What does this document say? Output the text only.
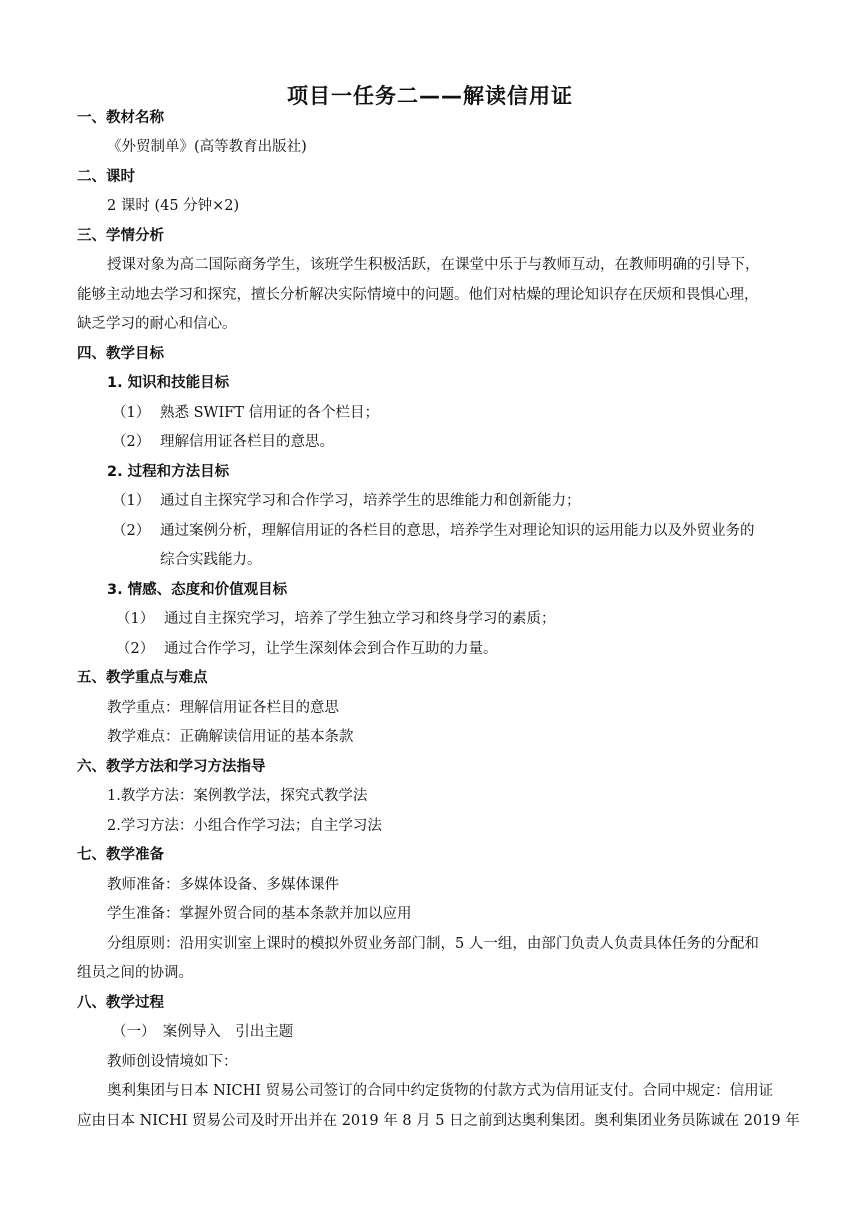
项目一任务二——解读信用证
一、教材名称
《外贸制单》(高等教育出版社)
二、课时
2 课时 (45 分钟×2)
三、学情分析
授课对象为高二国际商务学生，该班学生积极活跃，在课堂中乐于与教师互动，在教师明确的引导下，
能够主动地去学习和探究，擅长分析解决实际情境中的问题。他们对枯燥的理论知识存在厌烦和畏惧心理，
缺乏学习的耐心和信心。
四、教学目标
1. 知识和技能目标
（1） 熟悉 SWIFT 信用证的各个栏目；
（2） 理解信用证各栏目的意思。
2. 过程和方法目标
（1） 通过自主探究学习和合作学习，培养学生的思维能力和创新能力；
（2） 通过案例分析，理解信用证的各栏目的意思，培养学生对理论知识的运用能力以及外贸业务的
综合实践能力。
3. 情感、态度和价值观目标
（1） 通过自主探究学习，培养了学生独立学习和终身学习的素质；
（2） 通过合作学习，让学生深刻体会到合作互助的力量。
五、教学重点与难点
教学重点：理解信用证各栏目的意思
教学难点：正确解读信用证的基本条款
六、教学方法和学习方法指导
1.教学方法：案例教学法，探究式教学法
2.学习方法：小组合作学习法；自主学习法
七、教学准备
教师准备：多媒体设备、多媒体课件
学生准备：掌握外贸合同的基本条款并加以应用
分组原则：沿用实训室上课时的模拟外贸业务部门制，5 人一组，由部门负责人负责具体任务的分配和
组员之间的协调。
八、教学过程
（一）　案例导入　引出主题
教师创设情境如下：
奥利集团与日本 NICHI 贸易公司签订的合同中约定货物的付款方式为信用证支付。合同中规定：信用证
应由日本 NICHI 贸易公司及时开出并在 2019 年 8 月 5 日之前到达奥利集团。奥利集团业务员陈诚在 2019 年
